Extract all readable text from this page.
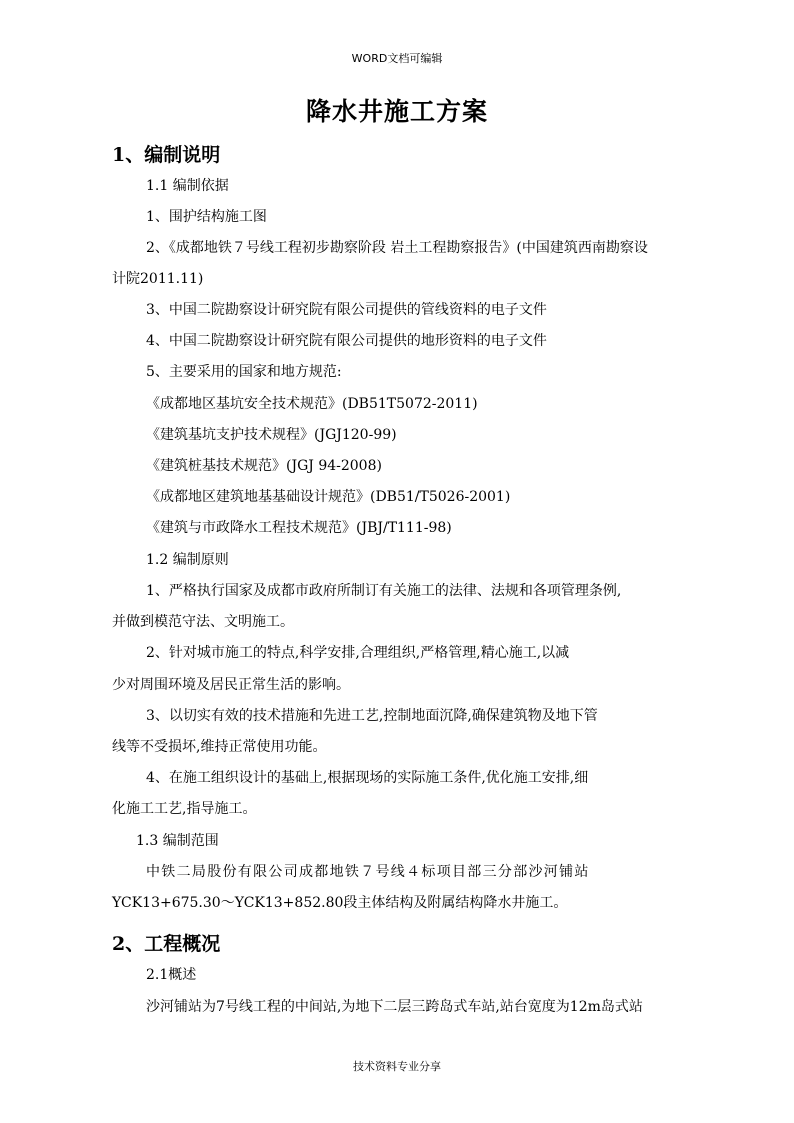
WORD文档可编辑
降水井施工方案
1、编制说明
1.1 编制依据
1、围护结构施工图
2、《成都地铁７号线工程初步勘察阶段 岩土工程勘察报告》(中国建筑西南勘察设
计院2011.11)
3、中国二院勘察设计研究院有限公司提供的管线资料的电子文件
4、中国二院勘察设计研究院有限公司提供的地形资料的电子文件
5、主要采用的国家和地方规范:
《成都地区基坑安全技术规范》(DB51T5072-2011)
《建筑基坑支护技术规程》(JGJ120-99)
《建筑桩基技术规范》(JGJ 94-2008)
《成都地区建筑地基基础设计规范》(DB51/T5026-2001)
《建筑与市政降水工程技术规范》(JBJ/T111-98)
1.2 编制原则
1、严格执行国家及成都市政府所制订有关施工的法律、法规和各项管理条例,
并做到模范守法、文明施工。
2、针对城市施工的特点,科学安排,合理组织,严格管理,精心施工,以减
少对周围环境及居民正常生活的影响。
3、以切实有效的技术措施和先进工艺,控制地面沉降,确保建筑物及地下管
线等不受损坏,维持正常使用功能。
4、在施工组织设计的基础上,根据现场的实际施工条件,优化施工安排,细
化施工工艺,指导施工。
1.3 编制范围
中铁二局股份有限公司成都地铁７号线４标项目部三分部沙河铺站
YCK13+675.30～YCK13+852.80段主体结构及附属结构降水井施工。
2、工程概况
2.1概述
沙河铺站为7号线工程的中间站,为地下二层三跨岛式车站,站台宽度为12m岛式站
技术资料专业分享
